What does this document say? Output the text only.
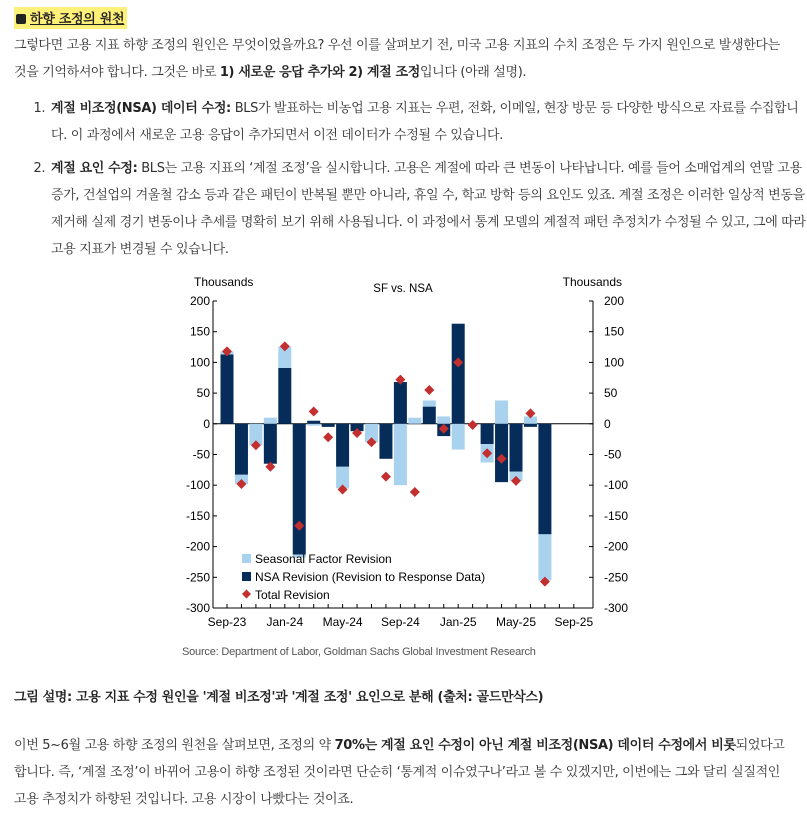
하향 조정의 원천
그렇다면 고용 지표 하향 조정의 원인은 무엇이었을까요? 우선 이를 살펴보기 전, 미국 고용 지표의 수치 조정은 두 가지 원인으로 발생한다는 것을 기억하셔야 합니다. 그것은 바로 1) 새로운 응답 추가와 2) 계절 조정입니다 (아래 설명).
1. 계절 비조정(NSA) 데이터 수정: BLS가 발표하는 비농업 고용 지표는 우편, 전화, 이메일, 현장 방문 등 다양한 방식으로 자료를 수집합니다. 이 과정에서 새로운 고용 응답이 추가되면서 이전 데이터가 수정될 수 있습니다.
2. 계절 요인 수정: BLS는 고용 지표의 ‘계절 조정’을 실시합니다. 고용은 계절에 따라 큰 변동이 나타납니다. 예를 들어 소매업계의 연말 고용 증가, 건설업의 겨울철 감소 등과 같은 패턴이 반복될 뿐만 아니라, 휴일 수, 학교 방학 등의 요인도 있죠. 계절 조정은 이러한 일상적 변동을 제거해 실제 경기 변동이나 추세를 명확히 보기 위해 사용됩니다. 이 과정에서 통계 모델의 계절적 패턴 추정치가 수정될 수 있고, 그에 따라 고용 지표가 변경될 수 있습니다.
Thousands	Thousands
SF vs. NSA
200	200
150	150
100	100
50	50
0	0
-50	-50
-100	-100
-150	-150
-200	-200
-250	-250
-300	-300
Sep-23 Jan-24 May-24 Sep-24 Jan-25 May-25 Sep-25
Seasonal Factor Revision
NSA Revision (Revision to Response Data)
Total Revision
Source: Department of Labor, Goldman Sachs Global Investment Research
그림 설명: 고용 지표 수정 원인을 '계절 비조정'과 '계절 조정' 요인으로 분해 (출처: 골드만삭스)
이번 5~6월 고용 하향 조정의 원천을 살펴보면, 조정의 약 70%는 계절 요인 수정이 아닌 계절 비조정(NSA) 데이터 수정에서 비롯되었다고 합니다. 즉, ‘계절 조정’이 바뀌어 고용이 하향 조정된 것이라면 단순히 ‘통계적 이슈였구나’라고 볼 수 있겠지만, 이번에는 그와 달리 실질적인 고용 추정치가 하향된 것입니다. 고용 시장이 나빴다는 것이죠.
